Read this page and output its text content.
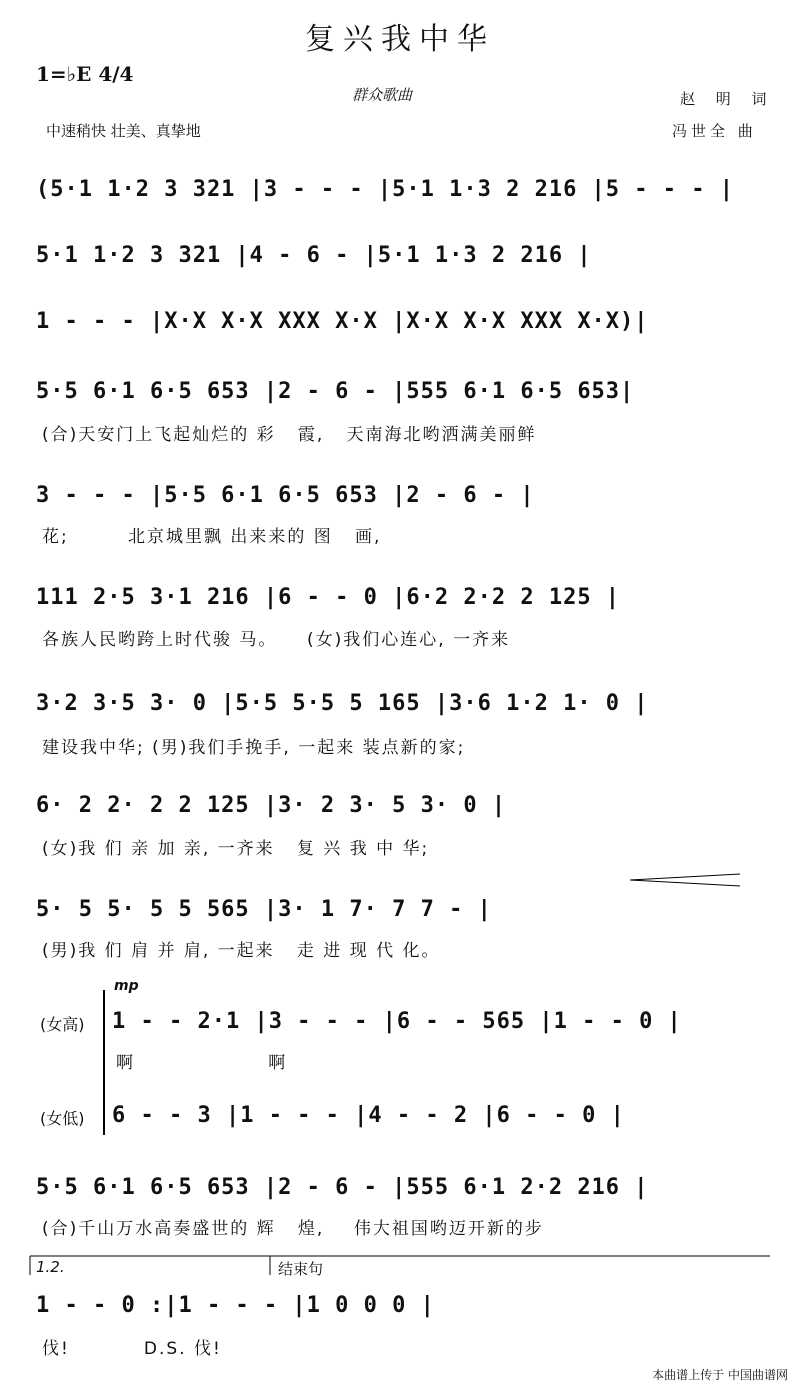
复兴我中华
1=♭E 4/4
群众歌曲	赵 明 词
中速稍快 壮美、真挚地	冯世全 曲
(5·1 1·2 3 321 |3 - - - |5·1 1·3 2 216 |5 - - - |
5·1 1·2 3 321 |4 - 6 - |5·1 1·3 2 216 |
1 - - - |X·X X·X XXX X·X |X·X X·X XXX X·X)|
5·5 6·1 6·5 653 |2 - 6 - |555 6·1 6·5 653|
(合)天安门上飞起灿烂的 彩   霞,   天南海北哟洒满美丽鲜
3 - - - |5·5 6·1 6·5 653 |2 - 6 - |
花;        北京城里飘 出来来的 图   画,
111 2·5 3·1 216 |6 - - 0 |6·2 2·2 2 125 |
各族人民哟跨上时代骏 马。    (女)我们心连心, 一齐来
3·2 3·5 3· 0 |5·5 5·5 5 165 |3·6 1·2 1· 0 |
建设我中华; (男)我们手挽手, 一起来 装点新的家;
6· 2 2· 2 2 125 |3· 2 3· 5 3· 0 |
(女)我 们 亲 加 亲, 一齐来   复 兴 我 中 华;
5· 5 5· 5 5 565 |3· 1 7· 7 7 - |
(男)我 们 肩 并 肩, 一起来   走 进 现 代 化。
mp
(女高) 1 - - 2·1 |3 - - - |6 - - 565 |1 - - 0 |
啊                  啊
(女低) 6 - - 3 |1 - - - |4 - - 2 |6 - - 0 |
5·5 6·1 6·5 653 |2 - 6 - |555 6·1 2·2 216 |
(合)千山万水高奏盛世的 辉   煌,    伟大祖国哟迈开新的步
1.2.	结束句
1 - - 0 :|1 - - - |1 0 0 0 |
伐!          D.S. 伐!
本曲谱上传于 中国曲谱网
